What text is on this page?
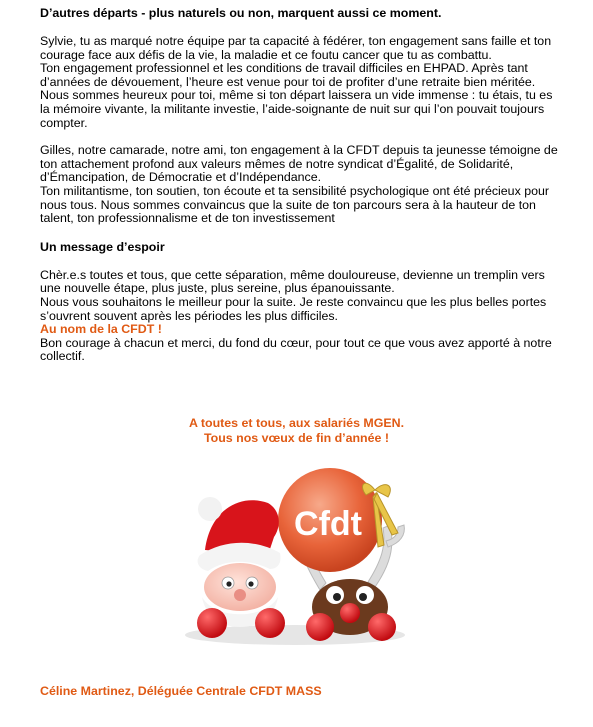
D’autres départs - plus naturels ou non, marquent aussi ce moment.

Sylvie, tu as marqué notre équipe par ta capacité à fédérer, ton engagement sans faille et ton

courage face aux défis de la vie, la maladie et ce foutu cancer que tu as combattu.

Ton engagement professionnel et les conditions de travail difficiles en EHPAD. Après tant

d’années de dévouement, l’heure est venue pour toi de profiter d’une retraite bien méritée.

Nous sommes heureux pour toi, même si ton départ laissera un vide immense : tu étais, tu es

la mémoire vivante, la militante investie, l’aide-soignante de nuit sur qui l’on pouvait toujours

compter.

Gilles, notre camarade, notre ami, ton engagement à la CFDT depuis ta jeunesse témoigne de

ton attachement profond aux valeurs mêmes de notre syndicat d’Égalité, de Solidarité,

d’Émancipation, de Démocratie et d’Indépendance.

Ton militantisme, ton soutien, ton écoute et ta sensibilité psychologique ont été précieux pour

nous tous. Nous sommes convaincus que la suite de ton parcours sera à la hauteur de ton

talent, ton professionnalisme et de ton investissement

Un message d’espoir

Chèr.e.s toutes et tous, que cette séparation, même douloureuse, devienne un tremplin vers

une nouvelle étape, plus juste, plus sereine, plus épanouissante.

Nous vous souhaitons le meilleur pour la suite. Je reste convaincu que les plus belles portes

s’ouvrent souvent après les périodes les plus difficiles.

Au nom de la CFDT !

Bon courage à chacun et merci, du fond du cœur, pour tout ce que vous avez apporté à notre

collectif.

A toutes et tous, aux salariés MGEN.
Tous nos vœux de fin d’année !
Cfdt
Céline Martinez, Déléguée Centrale CFDT MASS
